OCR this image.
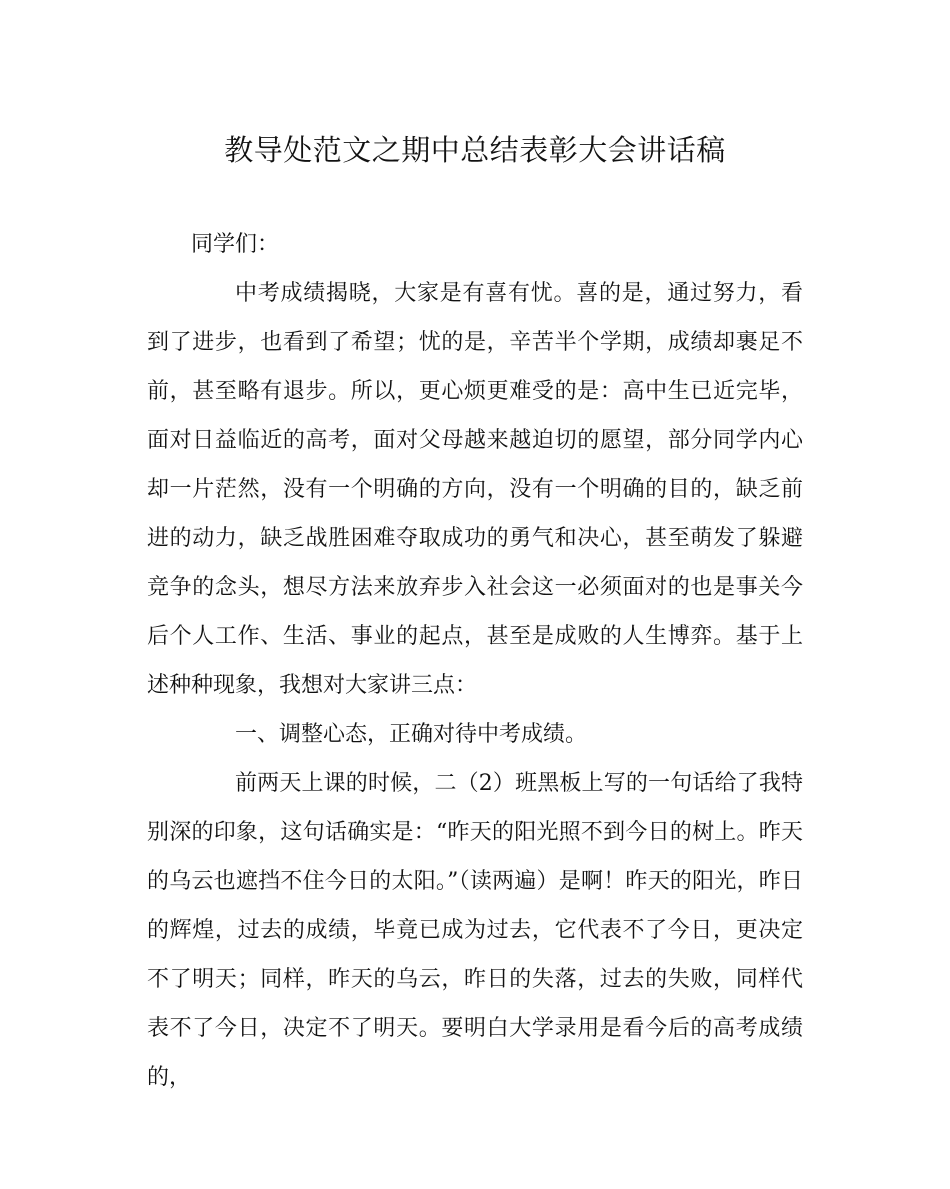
教导处范文之期中总结表彰大会讲话稿

同学们：

中考成绩揭晓，大家是有喜有忧。喜的是，通过努力，看到了进步，也看到了希望；忧的是，辛苦半个学期，成绩却裹足不前，甚至略有退步。所以，更心烦更难受的是：高中生已近完毕，面对日益临近的高考，面对父母越来越迫切的愿望，部分同学内心却一片茫然，没有一个明确的方向，没有一个明确的目的，缺乏前进的动力，缺乏战胜困难夺取成功的勇气和决心，甚至萌发了躲避竞争的念头，想尽方法来放弃步入社会这一必须面对的也是事关今后个人工作、生活、事业的起点，甚至是成败的人生博弈。基于上述种种现象，我想对大家讲三点：

一、调整心态，正确对待中考成绩。

前两天上课的时候，二（2）班黑板上写的一句话给了我特别深的印象，这句话确实是：“昨天的阳光照不到今日的树上。昨天的乌云也遮挡不住今日的太阳。”（读两遍）是啊！昨天的阳光，昨日的辉煌，过去的成绩，毕竟已成为过去，它代表不了今日，更决定不了明天；同样，昨天的乌云，昨日的失落，过去的失败，同样代表不了今日，决定不了明天。要明白大学录用是看今后的高考成绩的，
